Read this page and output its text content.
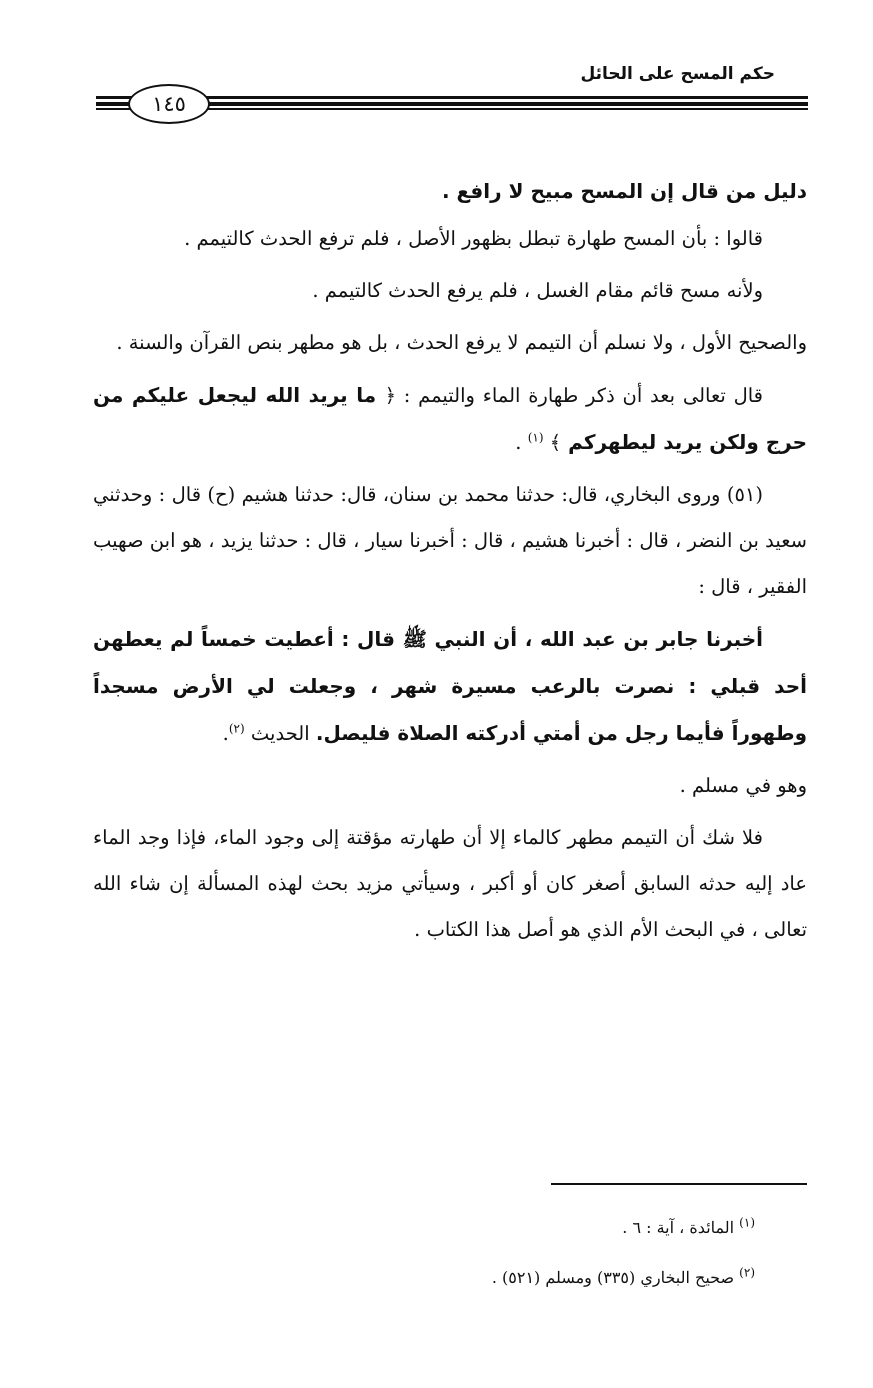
حكم المسح على الحائل
١٤٥

دليل من قال إن المسح مبيح لا رافع .

قالوا : بأن المسح طهارة تبطل بظهور الأصل ، فلم ترفع الحدث كالتيمم .

ولأنه مسح قائم مقام الغسل ، فلم يرفع الحدث كالتيمم .

والصحيح الأول ، ولا نسلم أن التيمم لا يرفع الحدث ، بل هو مطهر بنص القرآن والسنة .

قال تعالى بعد أن ذكر طهارة الماء والتيمم : ﴿ ما يريد الله ليجعل عليكم من حرج ولكن يريد ليطهركم ﴾ $^{(١)}$ .

(٥١) وروى البخاري، قال: حدثنا محمد بن سنان، قال: حدثنا هشيم (ح) قال : وحدثني سعيد بن النضر ، قال : أخبرنا هشيم ، قال : أخبرنا سيار ، قال : حدثنا يزيد ، هو ابن صهيب الفقير ، قال :

أخبرنا جابر بن عبد الله ، أن النبي ﷺ قال : أعطيت خمساً لم يعطهن أحد قبلي : نصرت بالرعب مسيرة شهر ، وجعلت لي الأرض مسجداً وطهوراً فأيما رجل من أمتي أدركته الصلاة فليصل. الحديث $^{(٢)}$.

وهو في مسلم .

فلا شك أن التيمم مطهر كالماء إلا أن طهارته مؤقتة إلى وجود الماء، فإذا وجد الماء عاد إليه حدثه السابق أصغر كان أو أكبر ، وسيأتي مزيد بحث لهذه المسألة إن شاء الله تعالى ، في البحث الأم الذي هو أصل هذا الكتاب .

$^{(١)}$ المائدة ، آية : ٦ .
$^{(٢)}$ صحيح البخاري (٣٣٥) ومسلم (٥٢١) .
